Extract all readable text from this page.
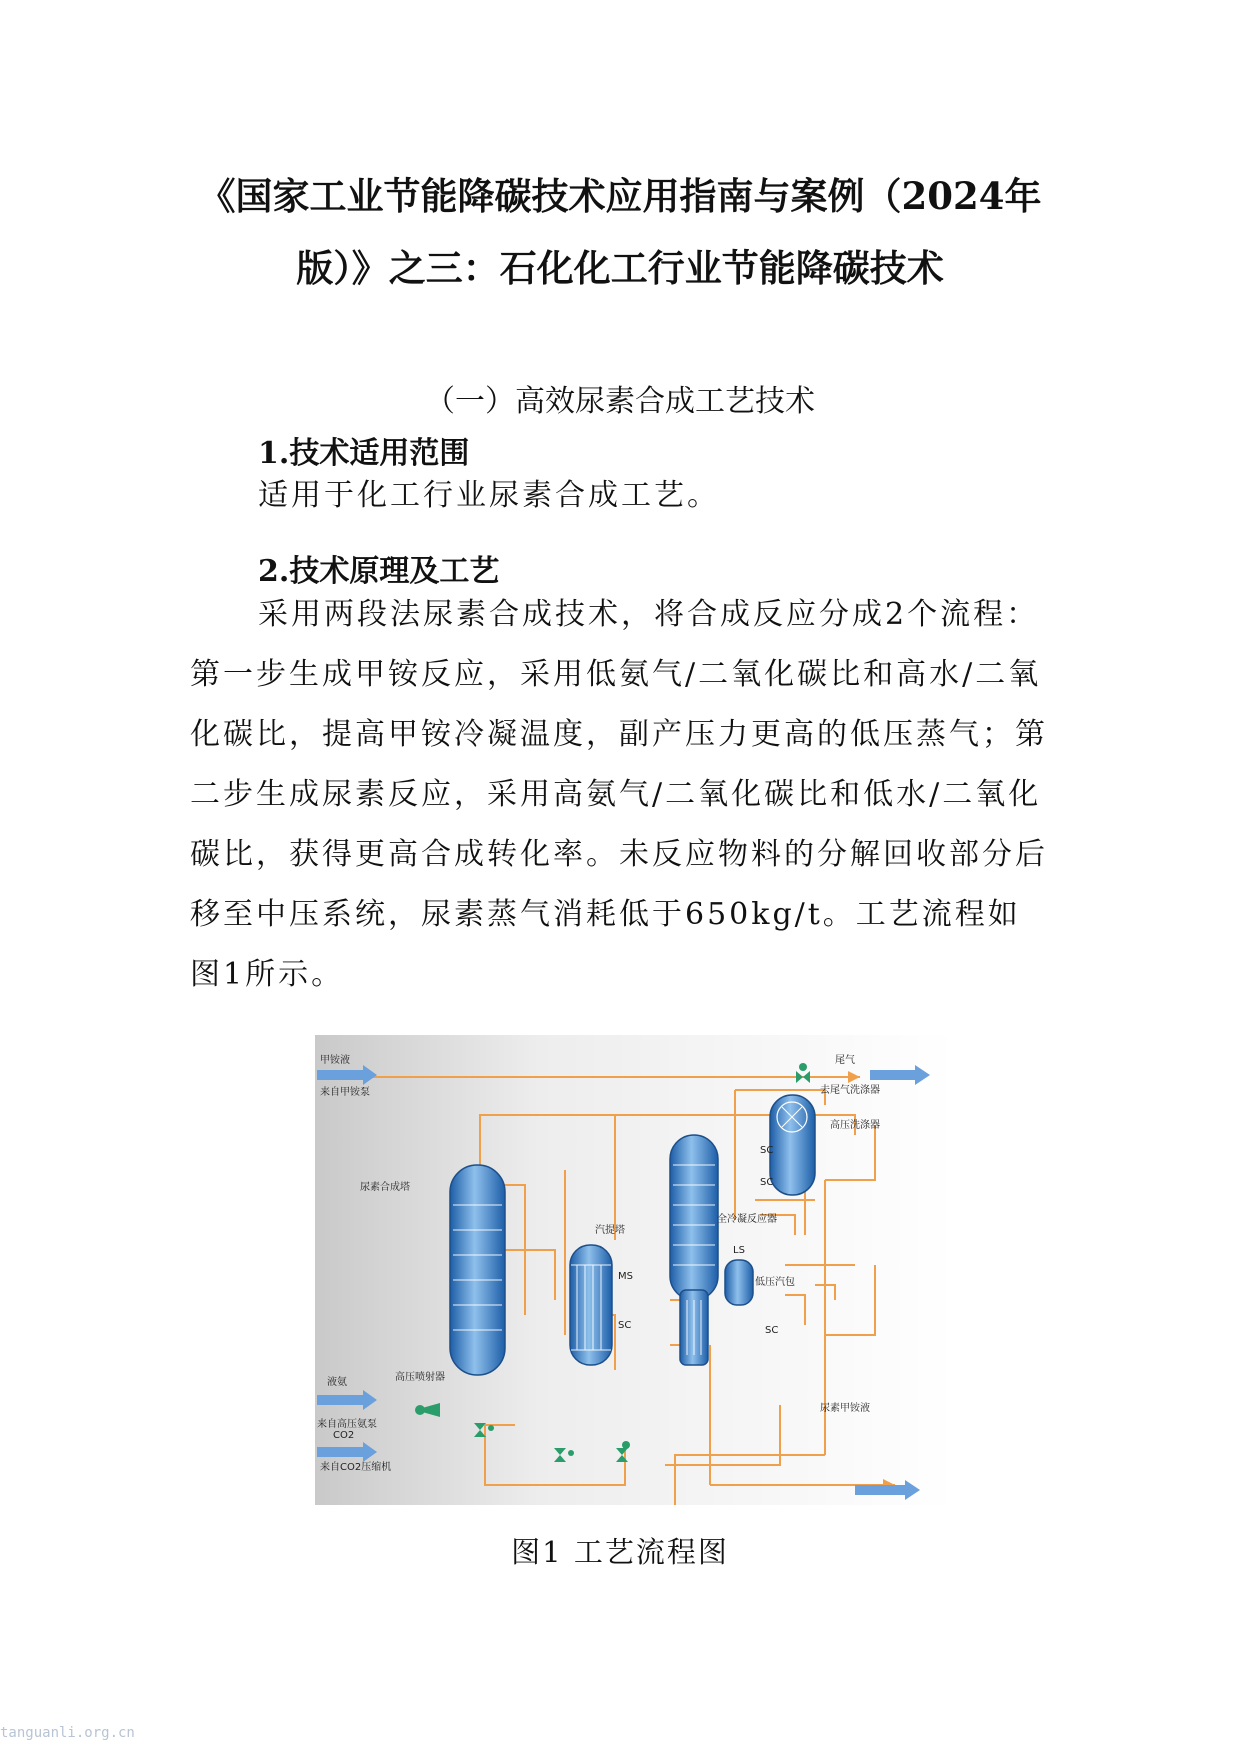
《国家工业节能降碳技术应用指南与案例（2024年
版）》之三：石化化工行业节能降碳技术
（一）高效尿素合成工艺技术
1.技术适用范围
适用于化工行业尿素合成工艺。
2.技术原理及工艺
采用两段法尿素合成技术，将合成反应分成2个流程：第一步生成甲铵反应，采用低氨气/二氧化碳比和高水/二氧化碳比，提高甲铵冷凝温度，副产压力更高的低压蒸气；第二步生成尿素反应，采用高氨气/二氧化碳比和低水/二氧化碳比，获得更高合成转化率。未反应物料的分解回收部分后移至中压系统，尿素蒸气消耗低于650kg/t。工艺流程如图1所示。
甲铵液
来自甲铵泵
尾气
去尾气洗涤器
高压洗涤器
尿素合成塔
汽提塔
全冷凝反应器
低压汽包
高压喷射器
液氨
来自高压氨泵
CO2
来自CO2压缩机
尿素甲铵液
MS
SC
SC
SC
LS
SC
图1 工艺流程图
tanguanli.org.cn
